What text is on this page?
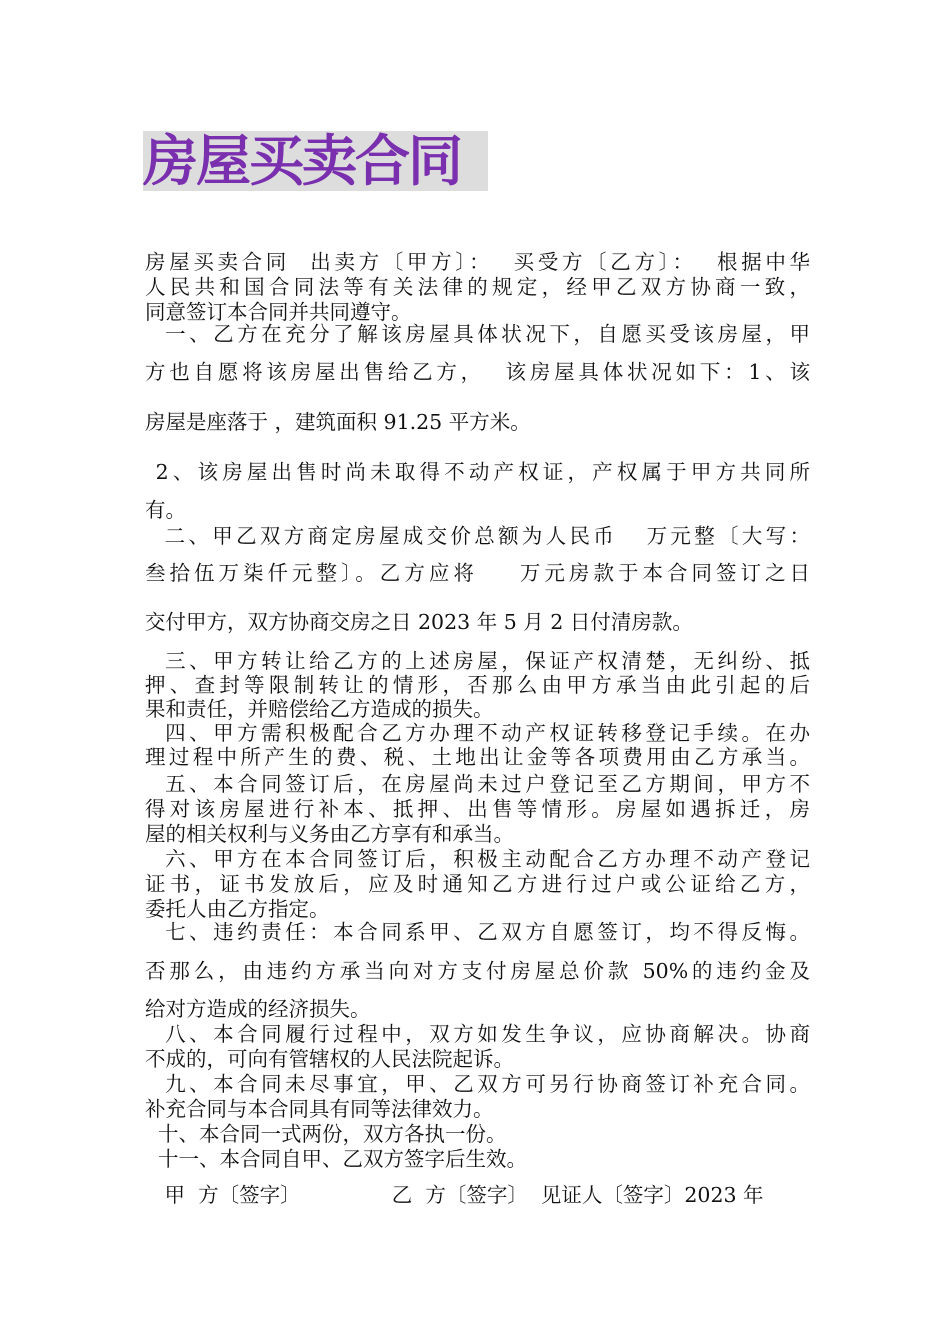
房屋买卖合同
房屋买卖合同  出卖方〔甲方〕：  买受方〔乙方〕：  根据中华
人民共和国合同法等有关法律的规定，经甲乙双方协商一致，
同意签订本合同并共同遵守。
一、乙方在充分了解该房屋具体状况下，自愿买受该房屋，甲
方也自愿将该房屋出售给乙方，  该房屋具体状况如下：1、该
房屋是座落于 ，建筑面积 91.25 平方米。
2、该房屋出售时尚未取得不动产权证，产权属于甲方共同所
有。
二、甲乙双方商定房屋成交价总额为人民币   万元整〔大写：
叁拾伍万柒仟元整〕。乙方应将    万元房款于本合同签订之日
交付甲方，双方协商交房之日 2023 年 5 月 2 日付清房款。
三、甲方转让给乙方的上述房屋，保证产权清楚，无纠纷、抵
押、查封等限制转让的情形，否那么由甲方承当由此引起的后
果和责任，并赔偿给乙方造成的损失。
四、甲方需积极配合乙方办理不动产权证转移登记手续。在办
理过程中所产生的费、税、土地出让金等各项费用由乙方承当。
五、本合同签订后，在房屋尚未过户登记至乙方期间，甲方不
得对该房屋进行补本、抵押、出售等情形。房屋如遇拆迁，房
屋的相关权利与义务由乙方享有和承当。
六、甲方在本合同签订后，积极主动配合乙方办理不动产登记
证书，证书发放后，应及时通知乙方进行过户或公证给乙方，
委托人由乙方指定。
七、违约责任：本合同系甲、乙双方自愿签订，均不得反悔。
否那么，由违约方承当向对方支付房屋总价款 50%的违约金及
给对方造成的经济损失。
八、本合同履行过程中，双方如发生争议，应协商解决。协商
不成的，可向有管辖权的人民法院起诉。
九、本合同未尽事宜，甲、乙双方可另行协商签订补充合同。
补充合同与本合同具有同等法律效力。
十、本合同一式两份，双方各执一份。
十一、本合同自甲、乙双方签字后生效。
甲  方〔签字〕              乙  方〔签字〕  见证人〔签字〕2023 年
